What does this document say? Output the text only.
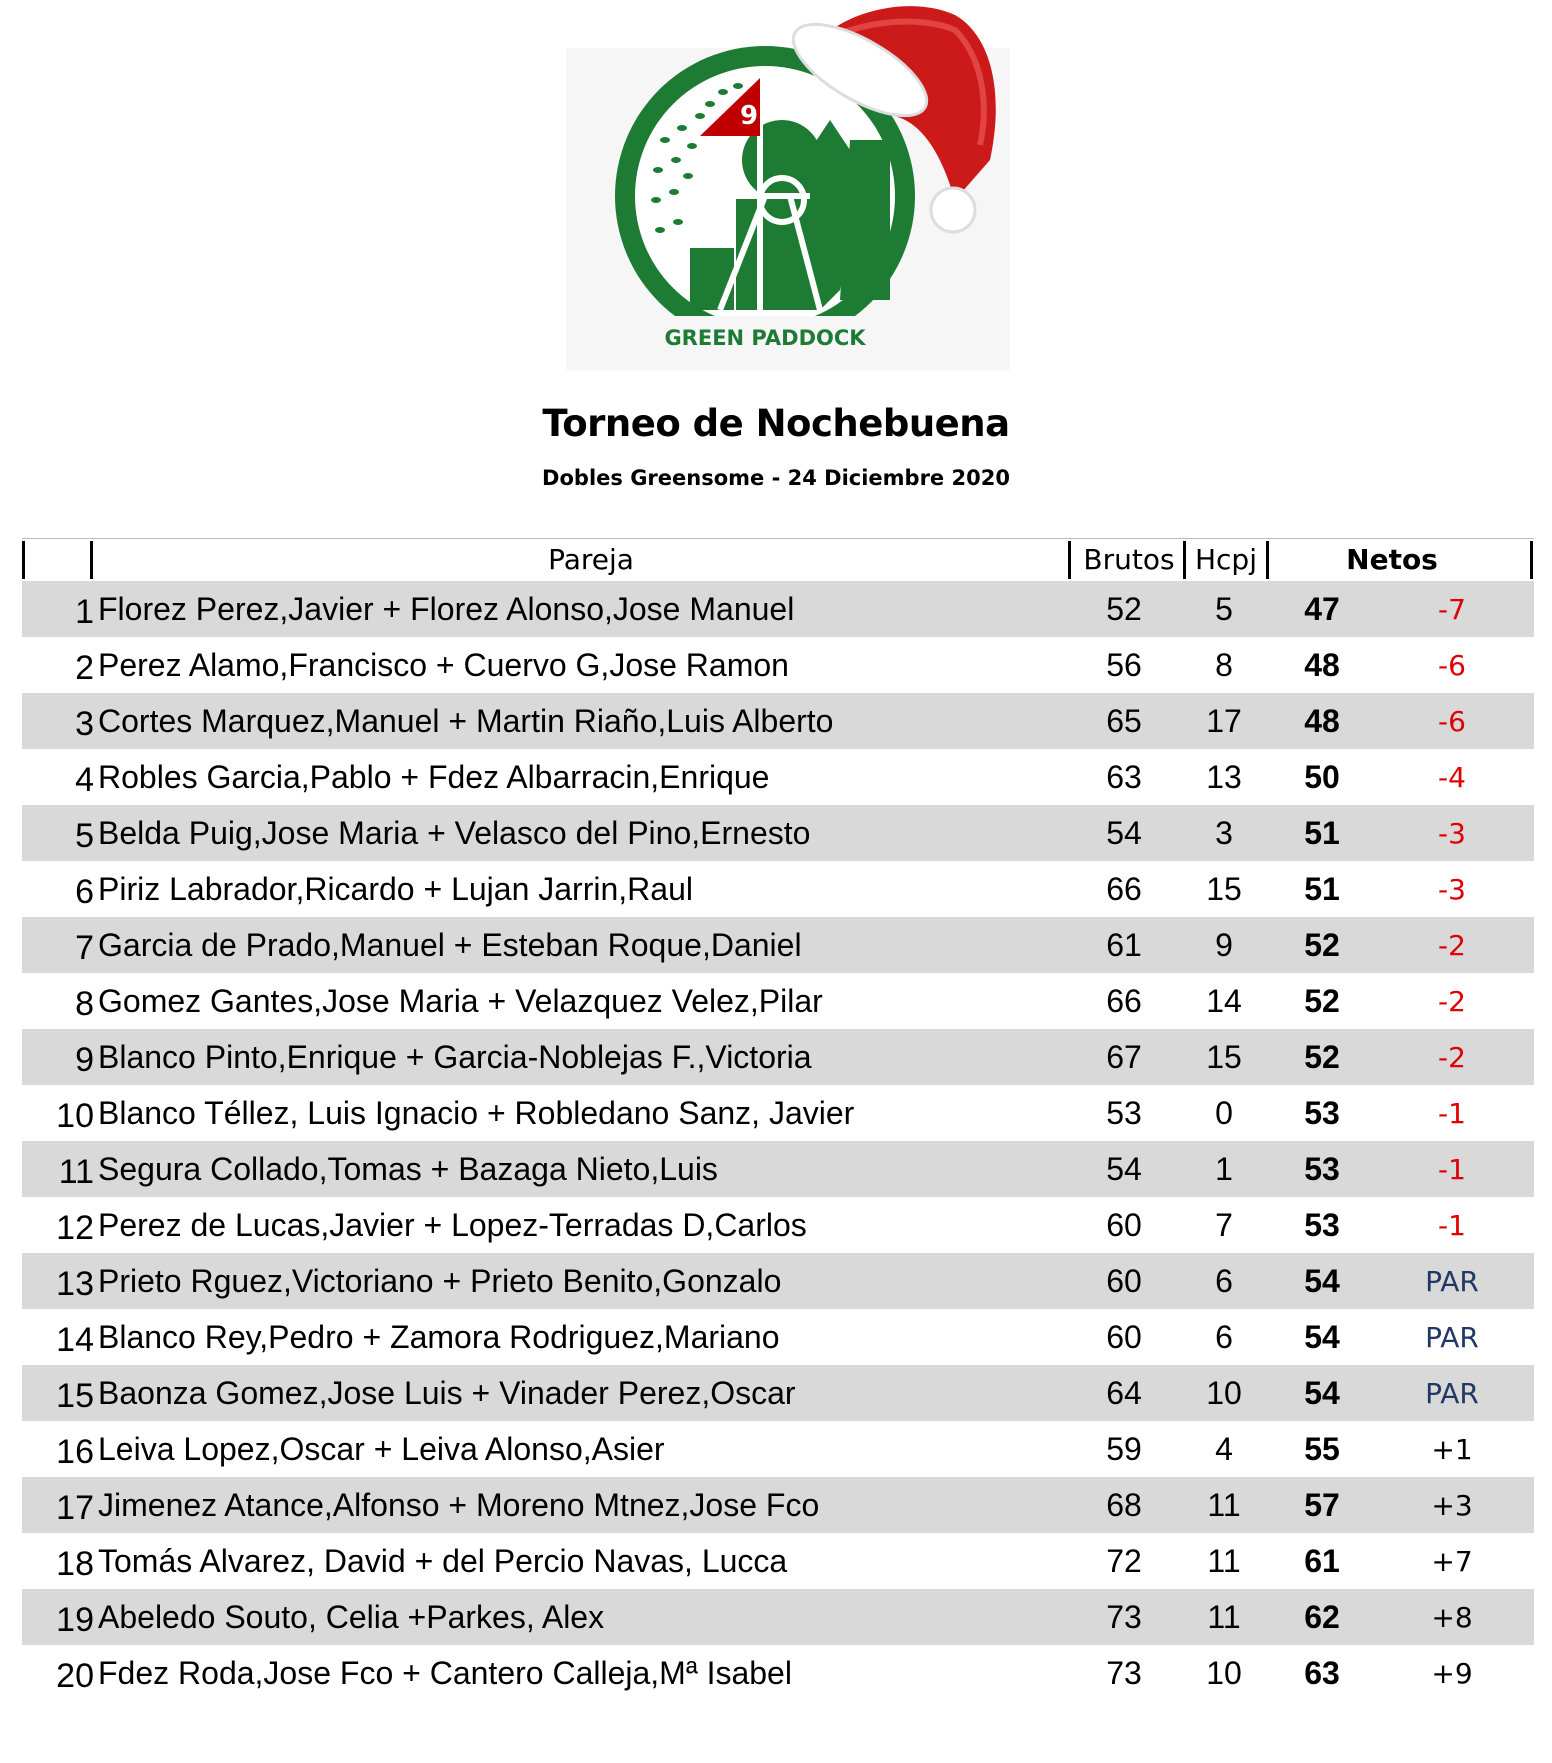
9
GREEN PADDOCK
Torneo de Nochebuena
Dobles Greensome - 24 Diciembre 2020
Pareja	Brutos Hcpj	Netos
1 Florez Perez,Javier + Florez Alonso,Jose Manuel	52	5	47	-7
2 Perez Alamo,Francisco + Cuervo G,Jose Ramon	56	8	48	-6
3 Cortes Marquez,Manuel + Martin Riaño,Luis Alberto	65	17	48	-6
4 Robles Garcia,Pablo + Fdez Albarracin,Enrique	63	13	50	-4
5 Belda Puig,Jose Maria + Velasco del Pino,Ernesto	54	3	51	-3
6 Piriz Labrador,Ricardo + Lujan Jarrin,Raul	66	15	51	-3
7 Garcia de Prado,Manuel + Esteban Roque,Daniel	61	9	52	-2
8 Gomez Gantes,Jose Maria + Velazquez Velez,Pilar	66	14	52	-2
9 Blanco Pinto,Enrique + Garcia-Noblejas F.,Victoria	67	15	52	-2
10 Blanco Téllez, Luis Ignacio + Robledano Sanz, Javier	53	0	53	-1
11 Segura Collado,Tomas + Bazaga Nieto,Luis	54	1	53	-1
12 Perez de Lucas,Javier + Lopez-Terradas D,Carlos	60	7	53	-1
13 Prieto Rguez,Victoriano + Prieto Benito,Gonzalo	60	6	54	PAR
14 Blanco Rey,Pedro + Zamora Rodriguez,Mariano	60	6	54	PAR
15 Baonza Gomez,Jose Luis + Vinader Perez,Oscar	64	10	54	PAR
16 Leiva Lopez,Oscar + Leiva Alonso,Asier	59	4	55	+1
17 Jimenez Atance,Alfonso + Moreno Mtnez,Jose Fco	68	11	57	+3
18 Tomás Alvarez, David + del Percio Navas, Lucca	72	11	61	+7
19 Abeledo Souto, Celia +Parkes, Alex	73	11	62	+8
20 Fdez Roda,Jose Fco + Cantero Calleja,Mª Isabel	73	10	63	+9
